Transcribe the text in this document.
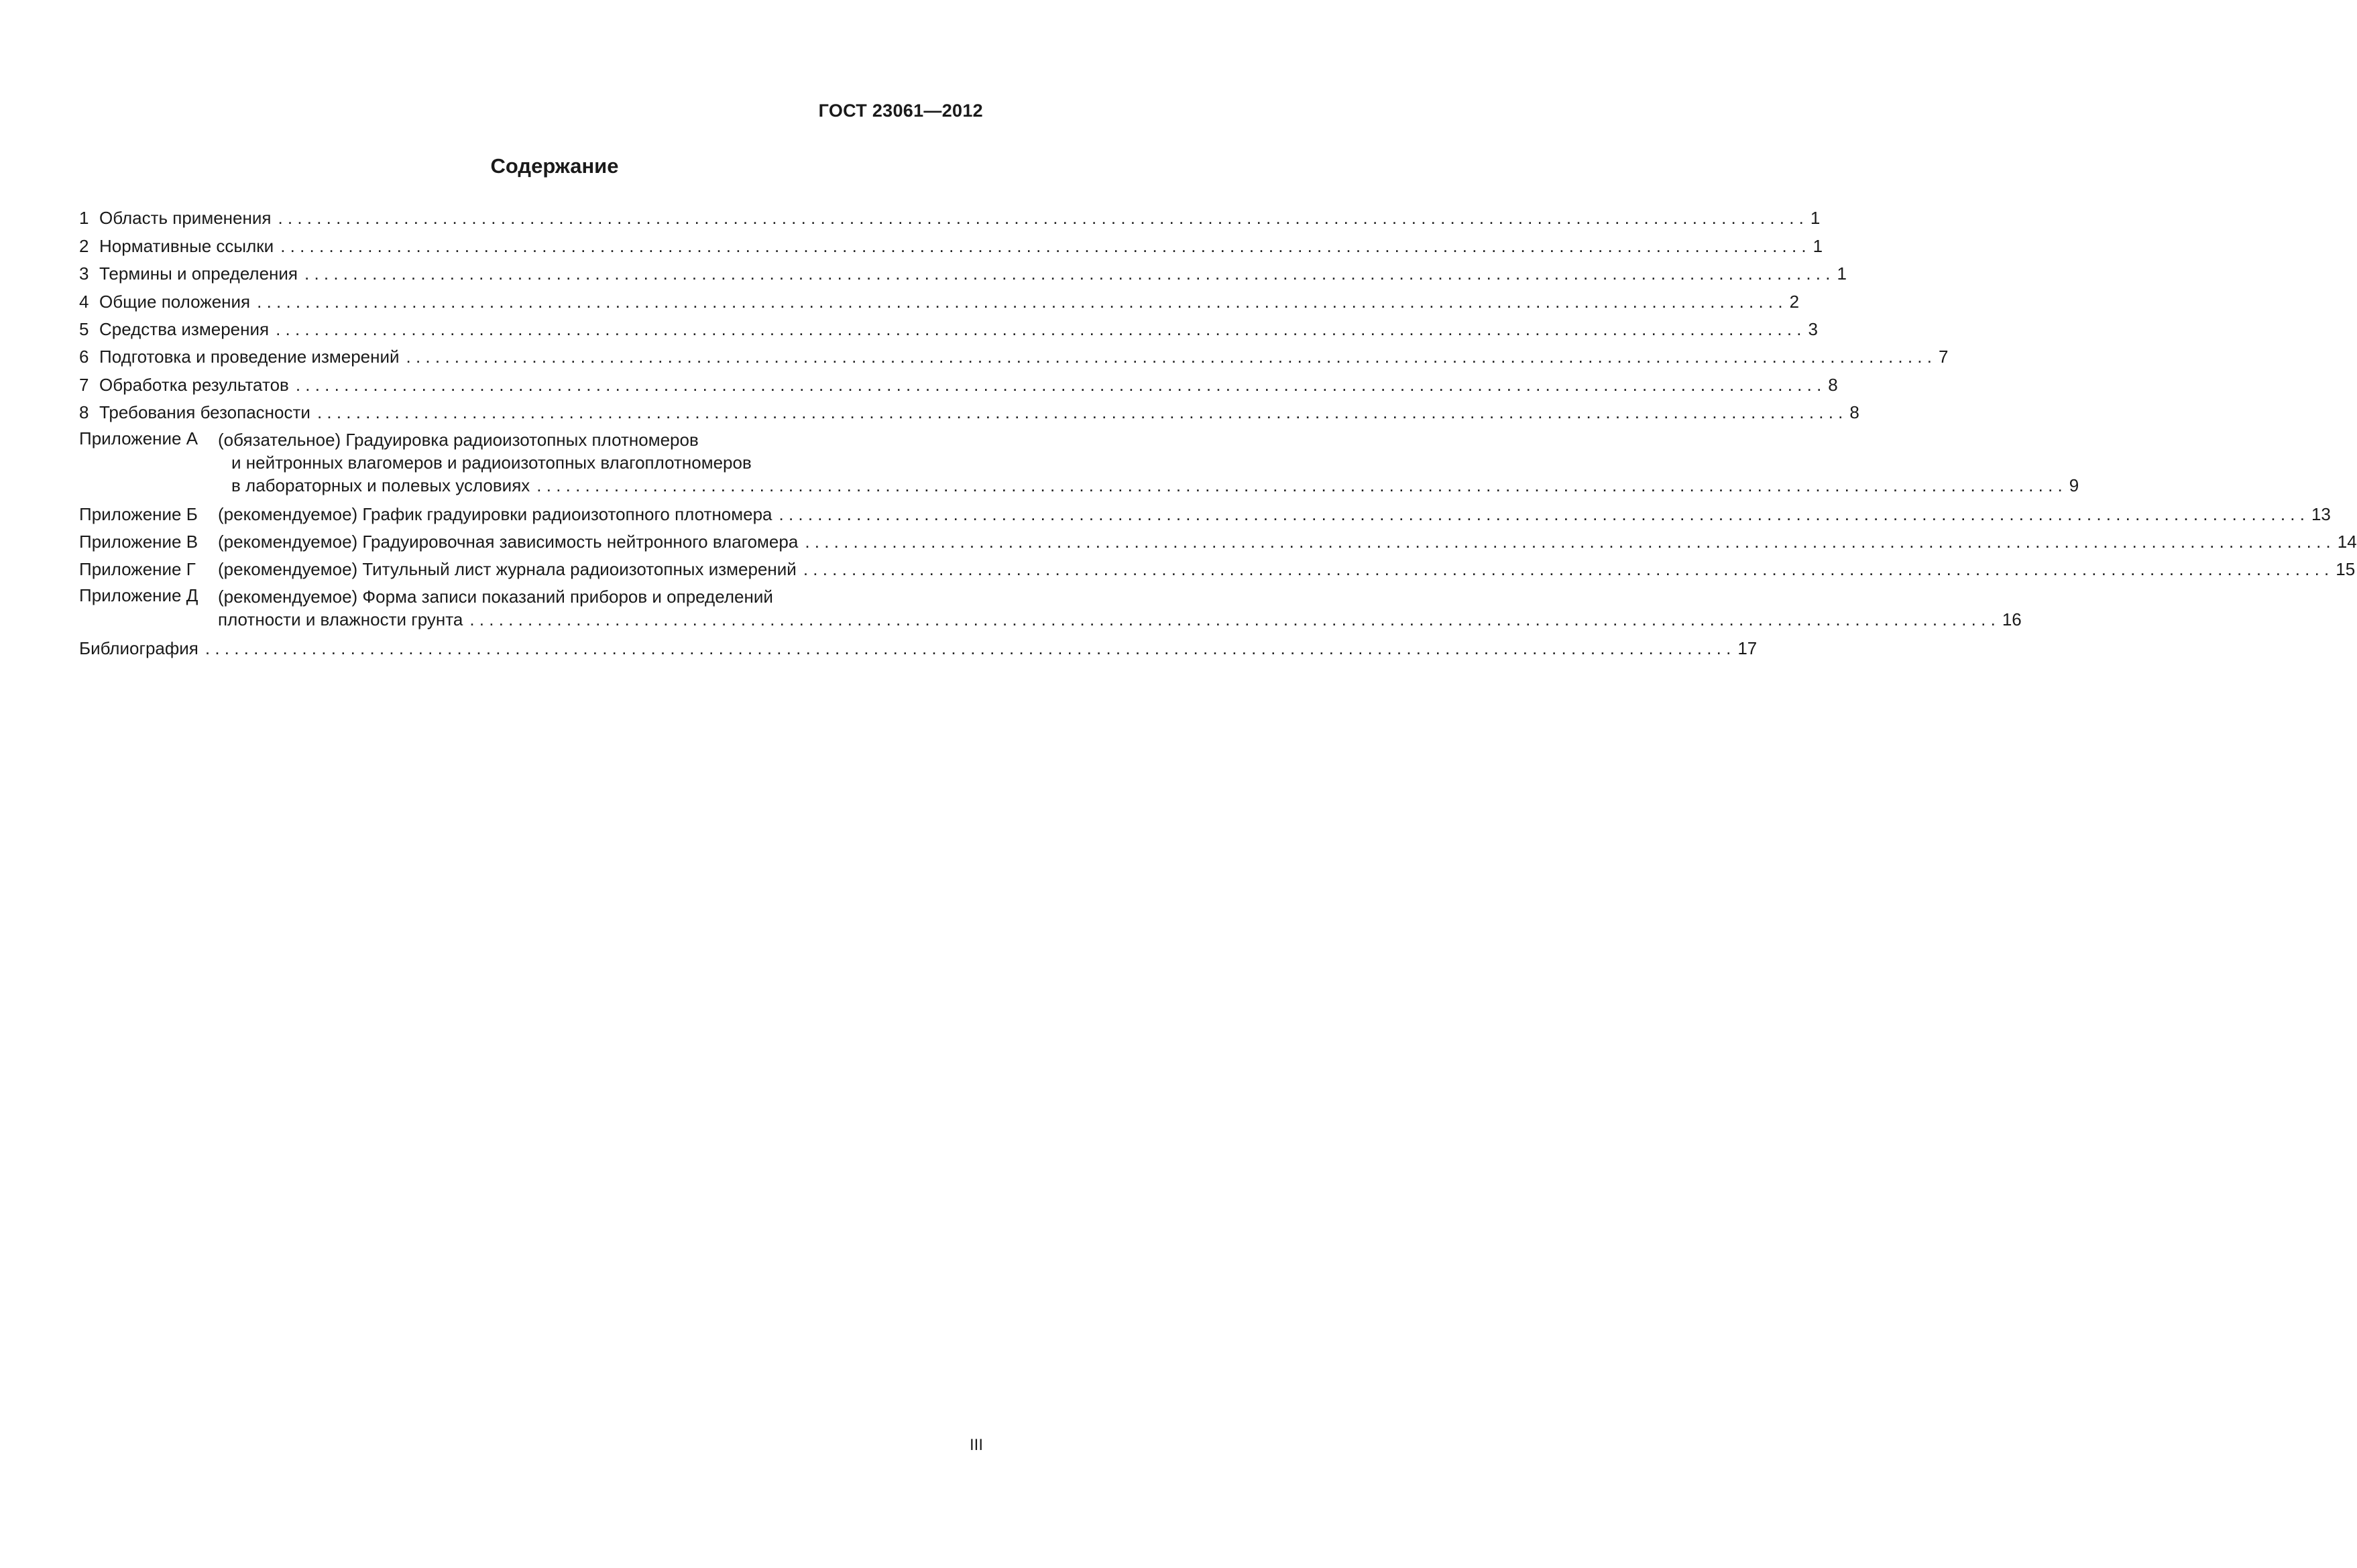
ГОСТ 23061—2012
Содержание
1 Область применения . . .	1
2 Нормативные ссылки . . .	1
3 Термины и определения . . .	1
4 Общие положения . . .	2
5 Средства измерения . . .	3
6 Подготовка и проведение измерений . . .	7
7 Обработка результатов . . .	8
8 Требования безопасности . . .	8
Приложение А	(обязательное) Градуировка радиоизотопных плотномеров
и нейтронных влагомеров и радиоизотопных влагоплотномеров
в лабораторных и полевых условиях . . .	9
Приложение Б	(рекомендуемое) График градуировки радиоизотопного плотномера . . .	13
Приложение В	(рекомендуемое) Градуировочная зависимость нейтронного влагомера . . .	14
Приложение Г	(рекомендуемое) Титульный лист журнала радиоизотопных измерений . . .	15
Приложение Д	(рекомендуемое) Форма записи показаний приборов и определений
плотности и влажности грунта . . .	16
Библиография . . .	17
III
